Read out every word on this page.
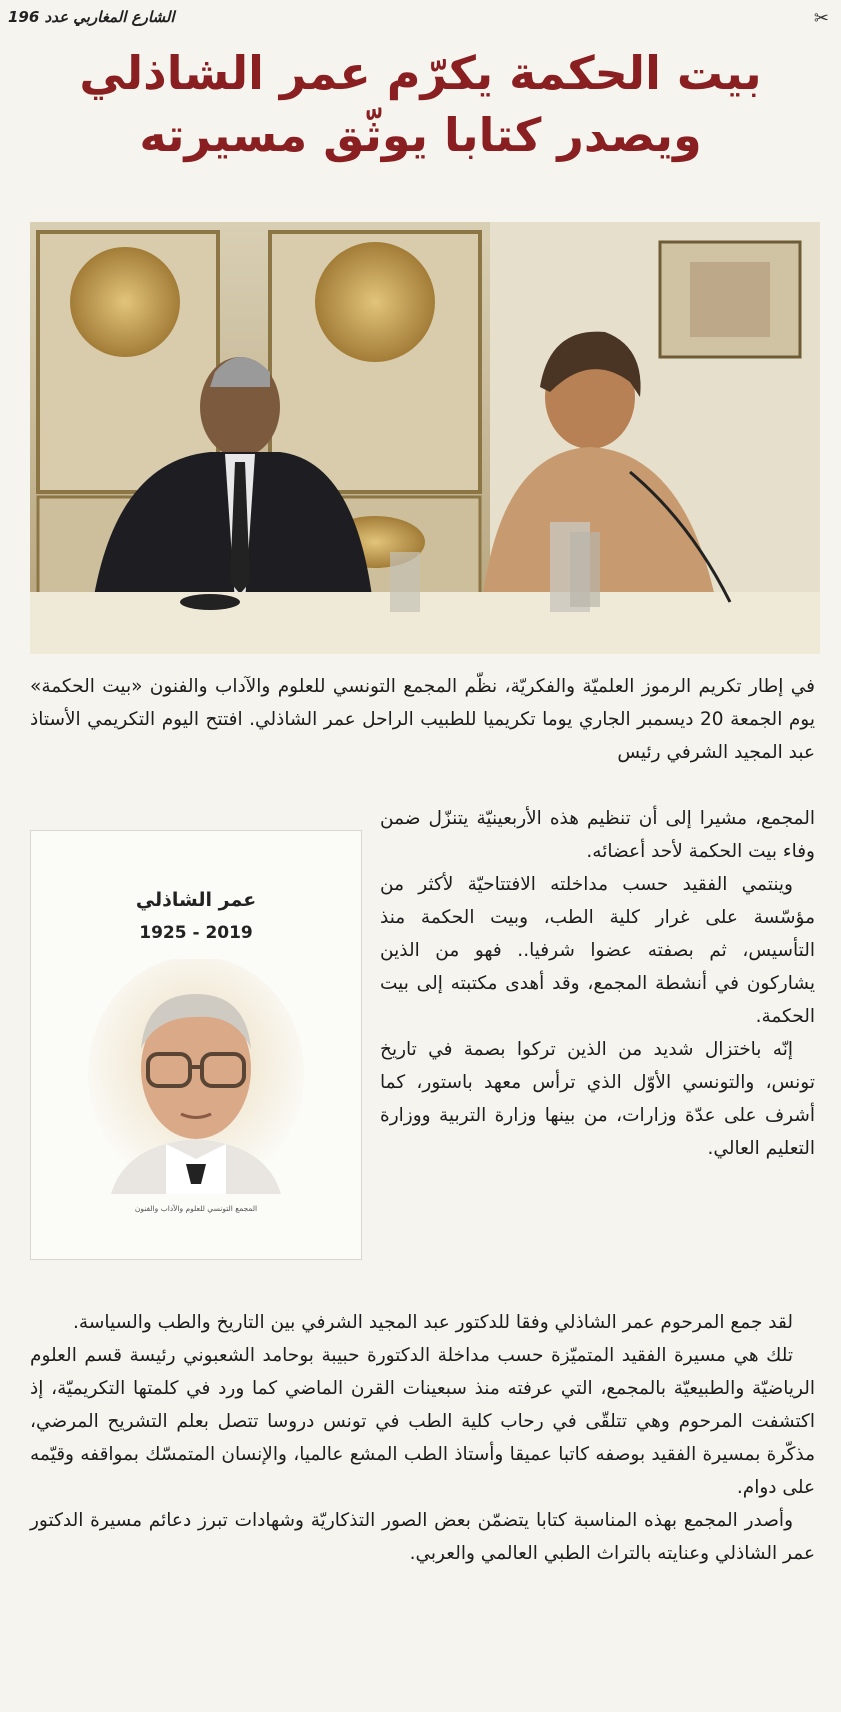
الشارع المغاربي عدد 196	✂
بيت الحكمة يكرّم عمر الشاذلي
ويصدر كتابا يوثّق مسيرته

في إطار تكريم الرموز العلميّة والفكريّة، نظّم المجمع التونسي للعلوم والآداب والفنون «بيت الحكمة» يوم الجمعة 20 ديسمبر الجاري يوما تكريميا للطبيب الراحل عمر الشاذلي. افتتح اليوم التكريمي الأستاذ عبد المجيد الشرفي رئيس

المجمع، مشيرا إلى أن تنظيم هذه الأربعينيّة يتنزّل ضمن وفاء بيت الحكمة لأحد أعضائه.

وينتمي الفقيد حسب مداخلته الافتتاحيّة لأكثر من مؤسّسة على غرار كلية الطب، وبيت الحكمة منذ التأسيس، ثم بصفته عضوا شرفيا.. فهو من الذين يشاركون في أنشطة المجمع، وقد أهدى مكتبته إلى بيت الحكمة.

إنّه باختزال شديد من الذين تركوا بصمة في تاريخ تونس، والتونسي الأوّل الذي ترأس معهد باستور، كما أشرف على عدّة وزارات، من بينها وزارة التربية ووزارة التعليم العالي.

لقد جمع المرحوم عمر الشاذلي وفقا للدكتور عبد المجيد الشرفي بين التاريخ والطب والسياسة.

تلك هي مسيرة الفقيد المتميّزة حسب مداخلة الدكتورة حبيبة بوحامد الشعبوني رئيسة قسم العلوم الرياضيّة والطبيعيّة بالمجمع، التي عرفته منذ سبعينات القرن الماضي كما ورد في كلمتها التكريميّة، إذ اكتشفت المرحوم وهي تتلقّى في رحاب كلية الطب في تونس دروسا تتصل بعلم التشريح المرضي، مذكّرة بمسيرة الفقيد بوصفه كاتبا عميقا وأستاذ الطب المشع عالميا، والإنسان المتمسّك بمواقفه وقيّمه على دوام.

وأصدر المجمع بهذه المناسبة كتابا يتضمّن بعض الصور التذكاريّة وشهادات تبرز دعائم مسيرة الدكتور عمر الشاذلي وعنايته بالتراث الطبي العالمي والعربي.

عمر الشاذلي
1925 - 2019
المجمع التونسي للعلوم والآداب والفنون
